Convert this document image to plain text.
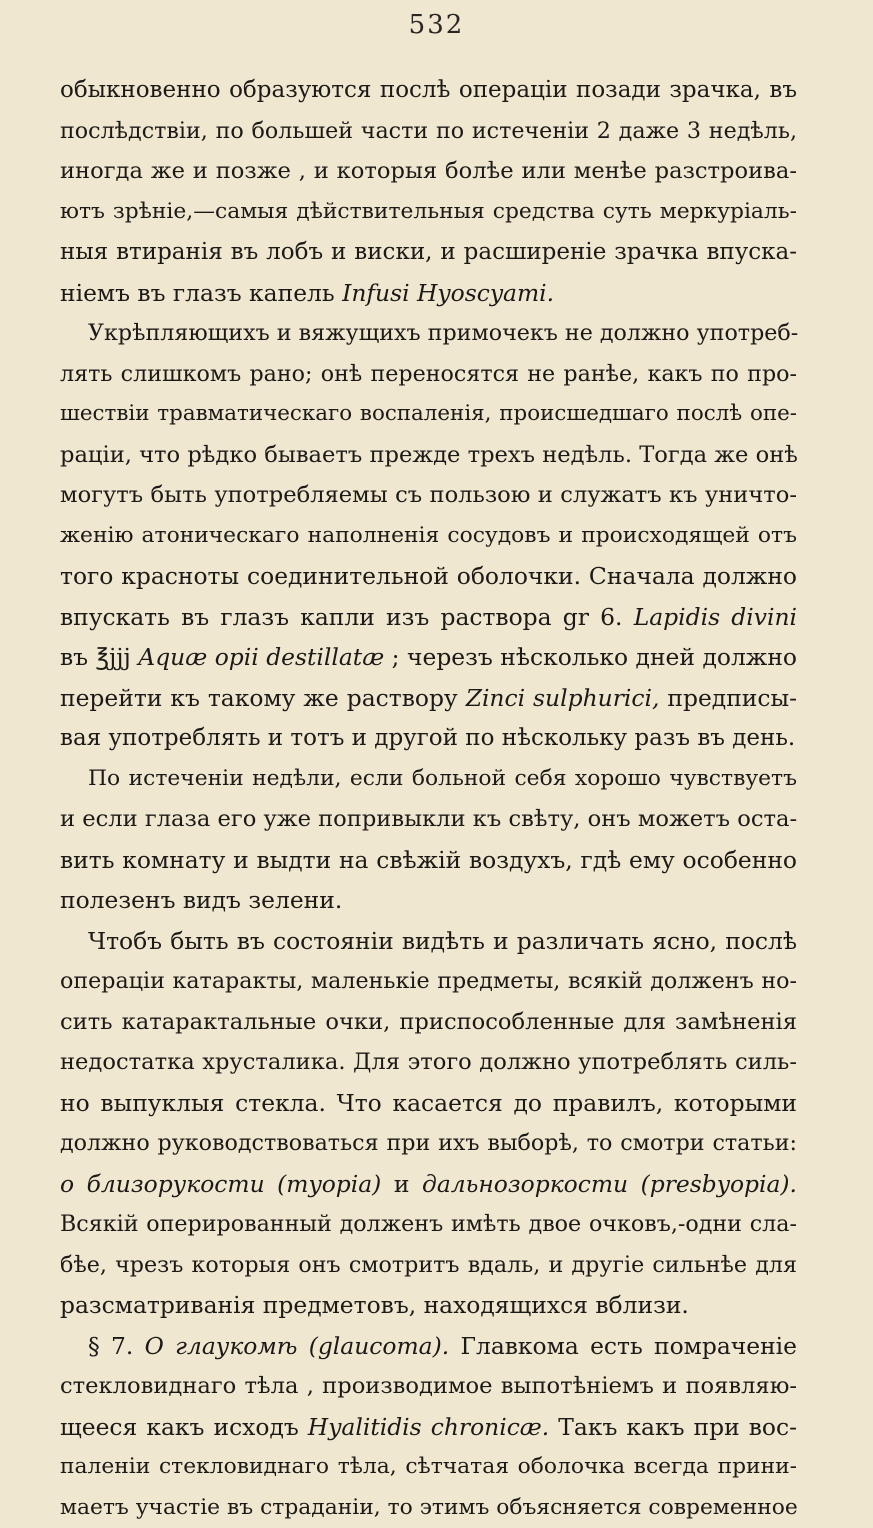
532
обыкновенно образуются послѣ операціи позади зрачка, въ
послѣдствіи, по большей части по истеченіи 2 даже 3 недѣль,
иногда же и позже , и которыя болѣе или менѣе разстроива-
ютъ зрѣніе,—самыя дѣйствительныя средства суть меркуріаль-
ныя втиранія въ лобъ и виски, и расширеніе зрачка впуска-
ніемъ въ глазъ капель Infusi Hyoscyami.
Укрѣпляющихъ и вяжущихъ примочекъ не должно употреб-
лять слишкомъ рано; онѣ переносятся не ранѣе, какъ по про-
шествіи травматическаго воспаленія, происшедшаго послѣ опе-
раціи, что рѣдко бываетъ прежде трехъ недѣль. Тогда же онѣ
могутъ быть употребляемы съ пользою и служатъ къ уничто-
женію атоническаго наполненія сосудовъ и происходящей отъ
того красноты соединительной оболочки. Сначала должно
впускать въ глазъ капли изъ раствора gr 6. Lapidis divini
въ ℥jjj Aquæ opii destillatæ ; черезъ нѣсколько дней должно
перейти къ такому же раствору Zinci sulphurici, предписы-
вая употреблять и тотъ и другой по нѣскольку разъ въ день.
По истеченіи недѣли, если больной себя хорошо чувствуетъ
и если глаза его уже попривыкли къ свѣту, онъ можетъ оста-
вить комнату и выдти на свѣжій воздухъ, гдѣ ему особенно
полезенъ видъ зелени.
Чтобъ быть въ состояніи видѣть и различать ясно, послѣ
операціи катаракты, маленькіе предметы, всякій долженъ но-
сить катарактальные очки, приспособленные для замѣненія
недостатка хрусталика. Для этого должно употреблять силь-
но выпуклыя стекла. Что касается до правилъ, которыми
должно руководствоваться при ихъ выборѣ, то смотри статьи:
о близорукости (myopia) и дальнозоркости (presbyopia).
Всякій оперированный долженъ имѣть двое очковъ,-одни сла-
бѣе, чрезъ которыя онъ смотритъ вдаль, и другіе сильнѣе для
разсматриванія предметовъ, находящихся вблизи.
§ 7. О глаукомѣ (glaucoma). Главкома есть помраченіе
стекловиднаго тѣла , производимое выпотѣніемъ и появляю-
щееся какъ исходъ Hyalitidis chronicæ. Такъ какъ при вос-
паленіи стекловиднаго тѣла, сѣтчатая оболочка всегда прини-
маетъ участіе въ страданіи, то этимъ объясняется современное
